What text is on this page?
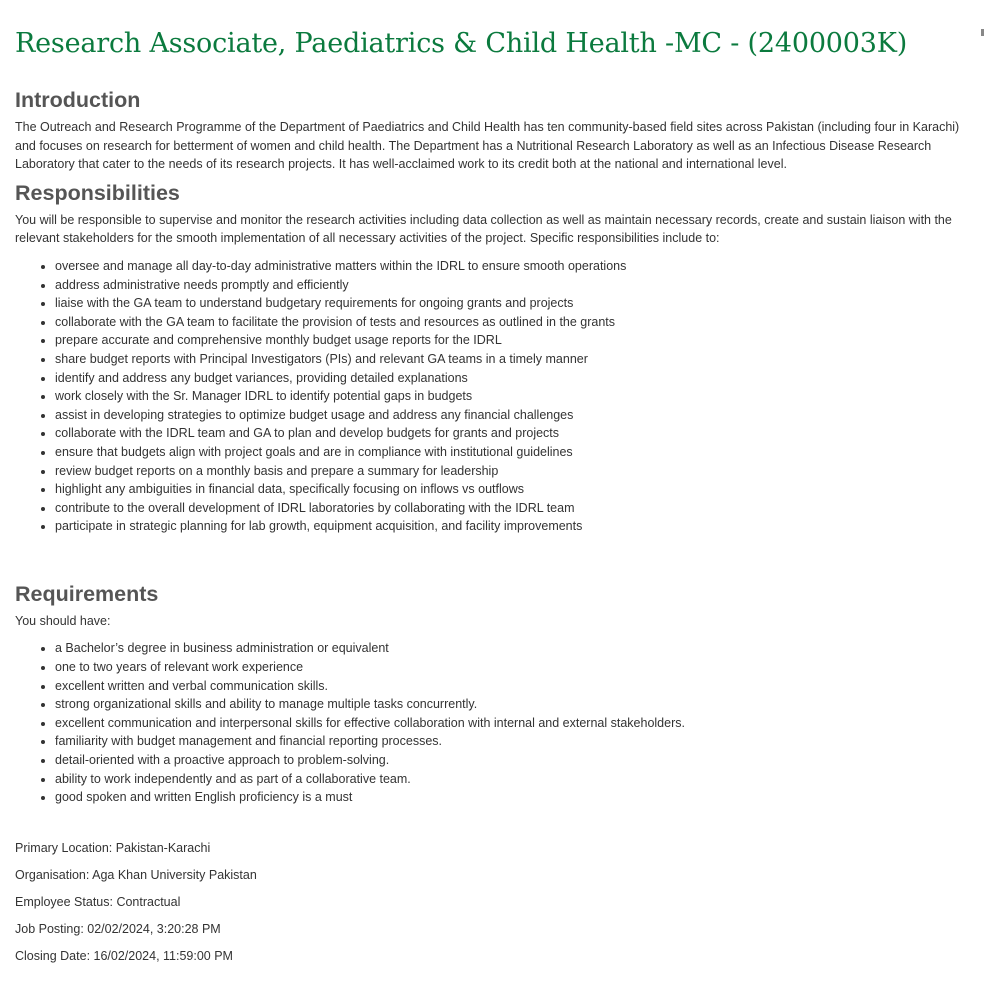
Research Associate, Paediatrics & Child Health -MC - (2400003K)
Introduction

The Outreach and Research Programme of the Department of Paediatrics and Child Health has ten community-based field sites across Pakistan (including four in Karachi) and focuses on research for betterment of women and child health. The Department has a Nutritional Research Laboratory as well as an Infectious Disease Research Laboratory that cater to the needs of its research projects. It has well-acclaimed work to its credit both at the national and international level.

Responsibilities

You will be responsible to supervise and monitor the research activities including data collection as well as maintain necessary records, create and sustain liaison with the relevant stakeholders for the smooth implementation of all necessary activities of the project. Specific responsibilities include to:

• oversee and manage all day-to-day administrative matters within the IDRL to ensure smooth operations
• address administrative needs promptly and efficiently
• liaise with the GA team to understand budgetary requirements for ongoing grants and projects
• collaborate with the GA team to facilitate the provision of tests and resources as outlined in the grants
• prepare accurate and comprehensive monthly budget usage reports for the IDRL
• share budget reports with Principal Investigators (PIs) and relevant GA teams in a timely manner
• identify and address any budget variances, providing detailed explanations
• work closely with the Sr. Manager IDRL to identify potential gaps in budgets
• assist in developing strategies to optimize budget usage and address any financial challenges
• collaborate with the IDRL team and GA to plan and develop budgets for grants and projects
• ensure that budgets align with project goals and are in compliance with institutional guidelines
• review budget reports on a monthly basis and prepare a summary for leadership
• highlight any ambiguities in financial data, specifically focusing on inflows vs outflows
• contribute to the overall development of IDRL laboratories by collaborating with the IDRL team
• participate in strategic planning for lab growth, equipment acquisition, and facility improvements
Requirements

You should have:

• a Bachelor’s degree in business administration or equivalent
• one to two years of relevant work experience
• excellent written and verbal communication skills.
• strong organizational skills and ability to manage multiple tasks concurrently.
• excellent communication and interpersonal skills for effective collaboration with internal and external stakeholders.
• familiarity with budget management and financial reporting processes.
• detail-oriented with a proactive approach to problem-solving.
• ability to work independently and as part of a collaborative team.
• good spoken and written English proficiency is a must
Primary Location: Pakistan-Karachi
Organisation: Aga Khan University Pakistan
Employee Status: Contractual
Job Posting: 02/02/2024, 3:20:28 PM
Closing Date: 16/02/2024, 11:59:00 PM
